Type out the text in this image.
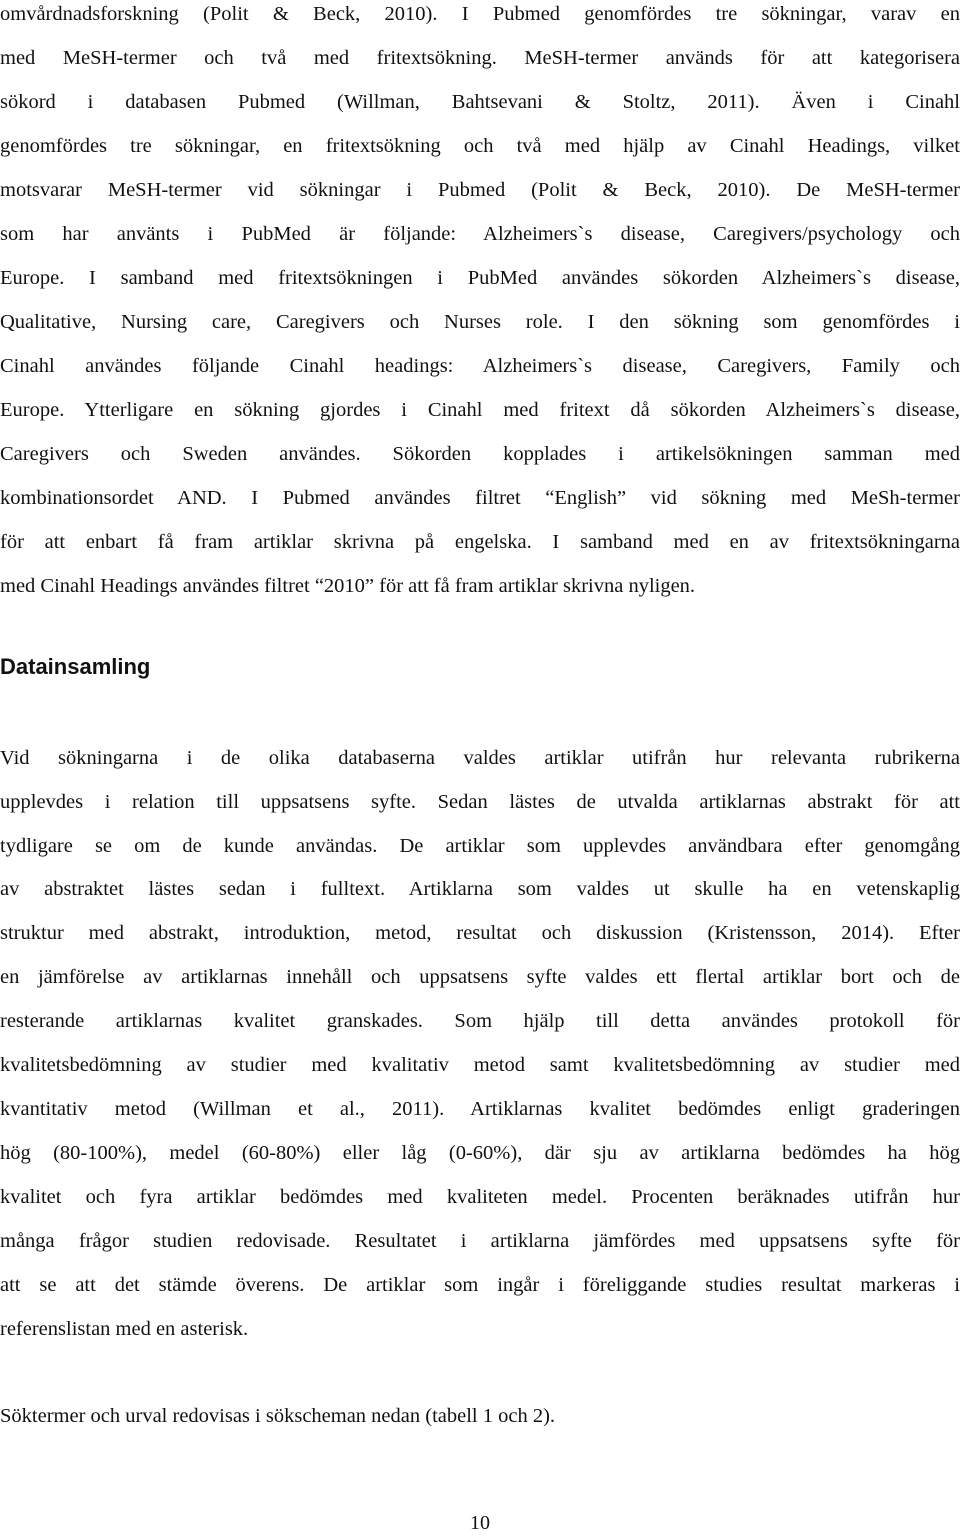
omvårdnadsforskning (Polit & Beck, 2010). I Pubmed genomfördes tre sökningar, varav en
med MeSH-termer och två med fritextsökning. MeSH-termer används för att kategorisera
sökord i databasen Pubmed (Willman, Bahtsevani & Stoltz, 2011). Även i Cinahl
genomfördes tre sökningar, en fritextsökning och två med hjälp av Cinahl Headings, vilket
motsvarar MeSH-termer vid sökningar i Pubmed (Polit & Beck, 2010). De MeSH-termer
som har använts i PubMed är följande: Alzheimers`s disease, Caregivers/psychology och
Europe. I samband med fritextsökningen i PubMed användes sökorden Alzheimers`s disease,
Qualitative, Nursing care, Caregivers och Nurses role. I den sökning som genomfördes i
Cinahl användes följande Cinahl headings: Alzheimers`s disease, Caregivers, Family och
Europe. Ytterligare en sökning gjordes i Cinahl med fritext då sökorden Alzheimers`s disease,
Caregivers och Sweden användes. Sökorden kopplades i artikelsökningen samman med
kombinationsordet AND. I Pubmed användes filtret “English” vid sökning med MeSh-termer
för att enbart få fram artiklar skrivna på engelska. I samband med en av fritextsökningarna
med Cinahl Headings användes filtret “2010” för att få fram artiklar skrivna nyligen.
Datainsamling
Vid sökningarna i de olika databaserna valdes artiklar utifrån hur relevanta rubrikerna
upplevdes i relation till uppsatsens syfte. Sedan lästes de utvalda artiklarnas abstrakt för att
tydligare se om de kunde användas. De artiklar som upplevdes användbara efter genomgång
av abstraktet lästes sedan i fulltext. Artiklarna som valdes ut skulle ha en vetenskaplig
struktur med abstrakt, introduktion, metod, resultat och diskussion (Kristensson, 2014). Efter
en jämförelse av artiklarnas innehåll och uppsatsens syfte valdes ett flertal artiklar bort och de
resterande artiklarnas kvalitet granskades. Som hjälp till detta användes protokoll för
kvalitetsbedömning av studier med kvalitativ metod samt kvalitetsbedömning av studier med
kvantitativ metod (Willman et al., 2011). Artiklarnas kvalitet bedömdes enligt graderingen
hög (80-100%), medel (60-80%) eller låg (0-60%), där sju av artiklarna bedömdes ha hög
kvalitet och fyra artiklar bedömdes med kvaliteten medel. Procenten beräknades utifrån hur
många frågor studien redovisade. Resultatet i artiklarna jämfördes med uppsatsens syfte för
att se att det stämde överens. De artiklar som ingår i föreliggande studies resultat markeras i
referenslistan med en asterisk.
Söktermer och urval redovisas i sökscheman nedan (tabell 1 och 2).
10
